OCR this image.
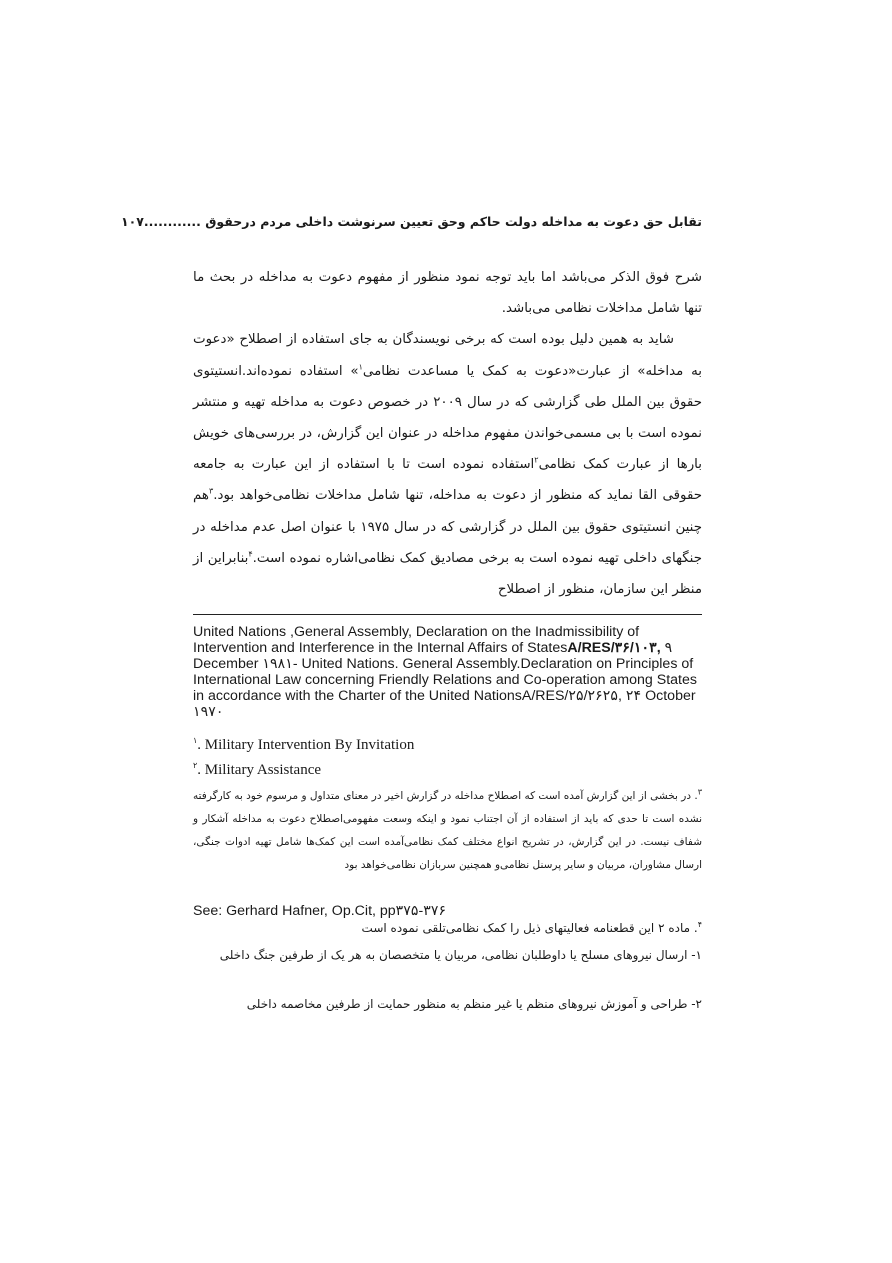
تقابل حق دعوت به مداخله دولت حاکم وحق تعیین سرنوشت داخلی مردم درحقوق ............۱۰۷

شرح فوق الذکر می‌باشد اما باید توجه نمود منظور از مفهوم دعوت به مداخله در بحث ما تنها شامل مداخلات نظامی می‌باشد.

شاید به همین دلیل بوده است که برخی نویسندگان به جای استفاده از اصطلاح «دعوت به مداخله» از عبارت«دعوت به کمک یا مساعدت نظامی$^۱$» استفاده نموده‌اند.انستیتوی حقوق بین الملل طی گزارشی که در سال ۲۰۰۹ در خصوص دعوت به مداخله تهیه و منتشر نموده است با بی مسمی‌خواندن مفهوم مداخله در عنوان این گزارش، در بررسی‌های خویش بارها از عبارت کمک نظامی$^۲$استفاده نموده است تا با استفاده از این عبارت به جامعه حقوقی القا نماید که منظور از دعوت به مداخله، تنها شامل مداخلات نظامی‌خواهد بود.$^۳$هم چنین انستیتوی حقوق بین الملل در گزارشی که در سال ۱۹۷۵ با عنوان اصل عدم مداخله در جنگهای داخلی تهیه نموده است به برخی مصادیق کمک نظامی‌اشاره نموده است.$^۴$بنابراین از منظر این سازمان، منظور از اصطلاح

United Nations ,General Assembly, Declaration on the Inadmissibility of Intervention and Interference in the Internal Affairs of StatesA/RES/۳۶/۱۰۳, ۹ December ۱۹۸۱- United Nations. General Assembly.Declaration on Principles of International Law concerning Friendly Relations and Co-operation among States in accordance with the Charter of the United NationsA/RES/۲۵/۲۶۲۵, ۲۴ October ۱۹۷۰
$^۱$. Military Intervention By Invitation
$^۲$. Military Assistance
$^۳$. در بخشی از این گزارش آمده است که اصطلاح مداخله در گزارش اخیر در معنای متداول و مرسوم خود به کارگرفته نشده است تا حدی که باید از استفاده از آن اجتناب نمود و اینکه وسعت مفهومی‌اصطلاح دعوت به مداخله آشکار و شفاف نیست. در این گزارش، در تشریح انواع مختلف کمک نظامی‌آمده است این کمک‌ها شامل تهیه ادوات جنگی، ارسال مشاوران، مربیان و سایر پرسنل نظامی‌و همچنین سربازان نظامی‌خواهد بود
See: Gerhard Hafner, Op.Cit, pp۳۷۵-۳۷۶
$^۴$. ماده ۲ این قطعنامه فعالیتهای ذیل را کمک نظامی‌تلقی نموده است
۱- ارسال نیروهای مسلح یا داوطلبان نظامی، مربیان یا متخصصان به هر یک از طرفین جنگ داخلی
۲- طراحی و آموزش نیروهای منظم یا غیر منظم به منظور حمایت از طرفین مخاصمه داخلی
